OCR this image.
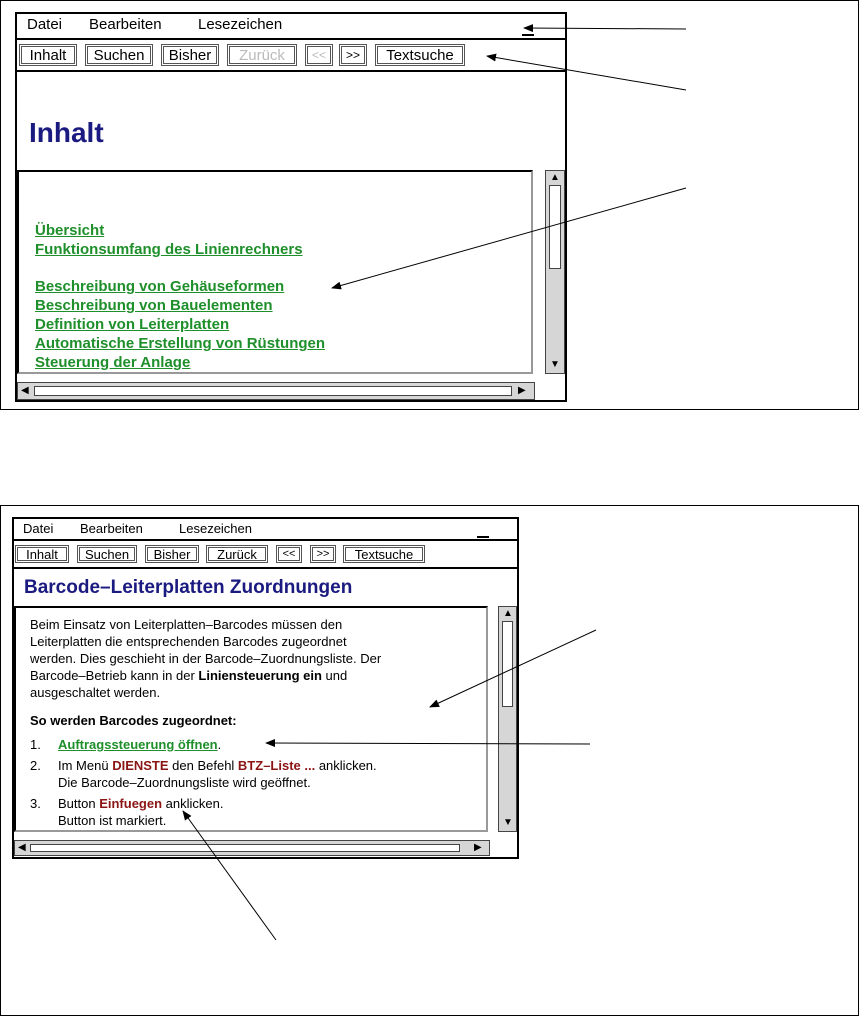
Datei Bearbeiten Lesezeichen
Inhalt	Suchen	Bisher	Zurück	<<	>>	Textsuche
Inhalt
Übersicht
Funktionsumfang des Linienrechners
Beschreibung von Gehäuseformen
Beschreibung von Bauelementen
Definition von Leiterplatten
Automatische Erstellung von Rüstungen
Steuerung der Anlage
▲
▼
◀	▶
Datei Bearbeiten	Lesezeichen
Inhalt	Suchen	Bisher	Zurück	<<	>>	Textsuche
Barcode–Leiterplatten Zuordnungen
Beim Einsatz von Leiterplatten–Barcodes müssen den
Leiterplatten die entsprechenden Barcodes zugeordnet
werden. Dies geschieht in der Barcode–Zuordnungsliste. Der
Barcode–Betrieb kann in der Liniensteuerung ein und
ausgeschaltet werden.
So werden Barcodes zugeordnet:
1. Auftragssteuerung öffnen.
2. Im Menü DIENSTE den Befehl BTZ–Liste ... anklicken.
Die Barcode–Zuordnungsliste wird geöffnet.
3. Button Einfuegen anklicken.
Button ist markiert.
▲
▼
◀	▶
